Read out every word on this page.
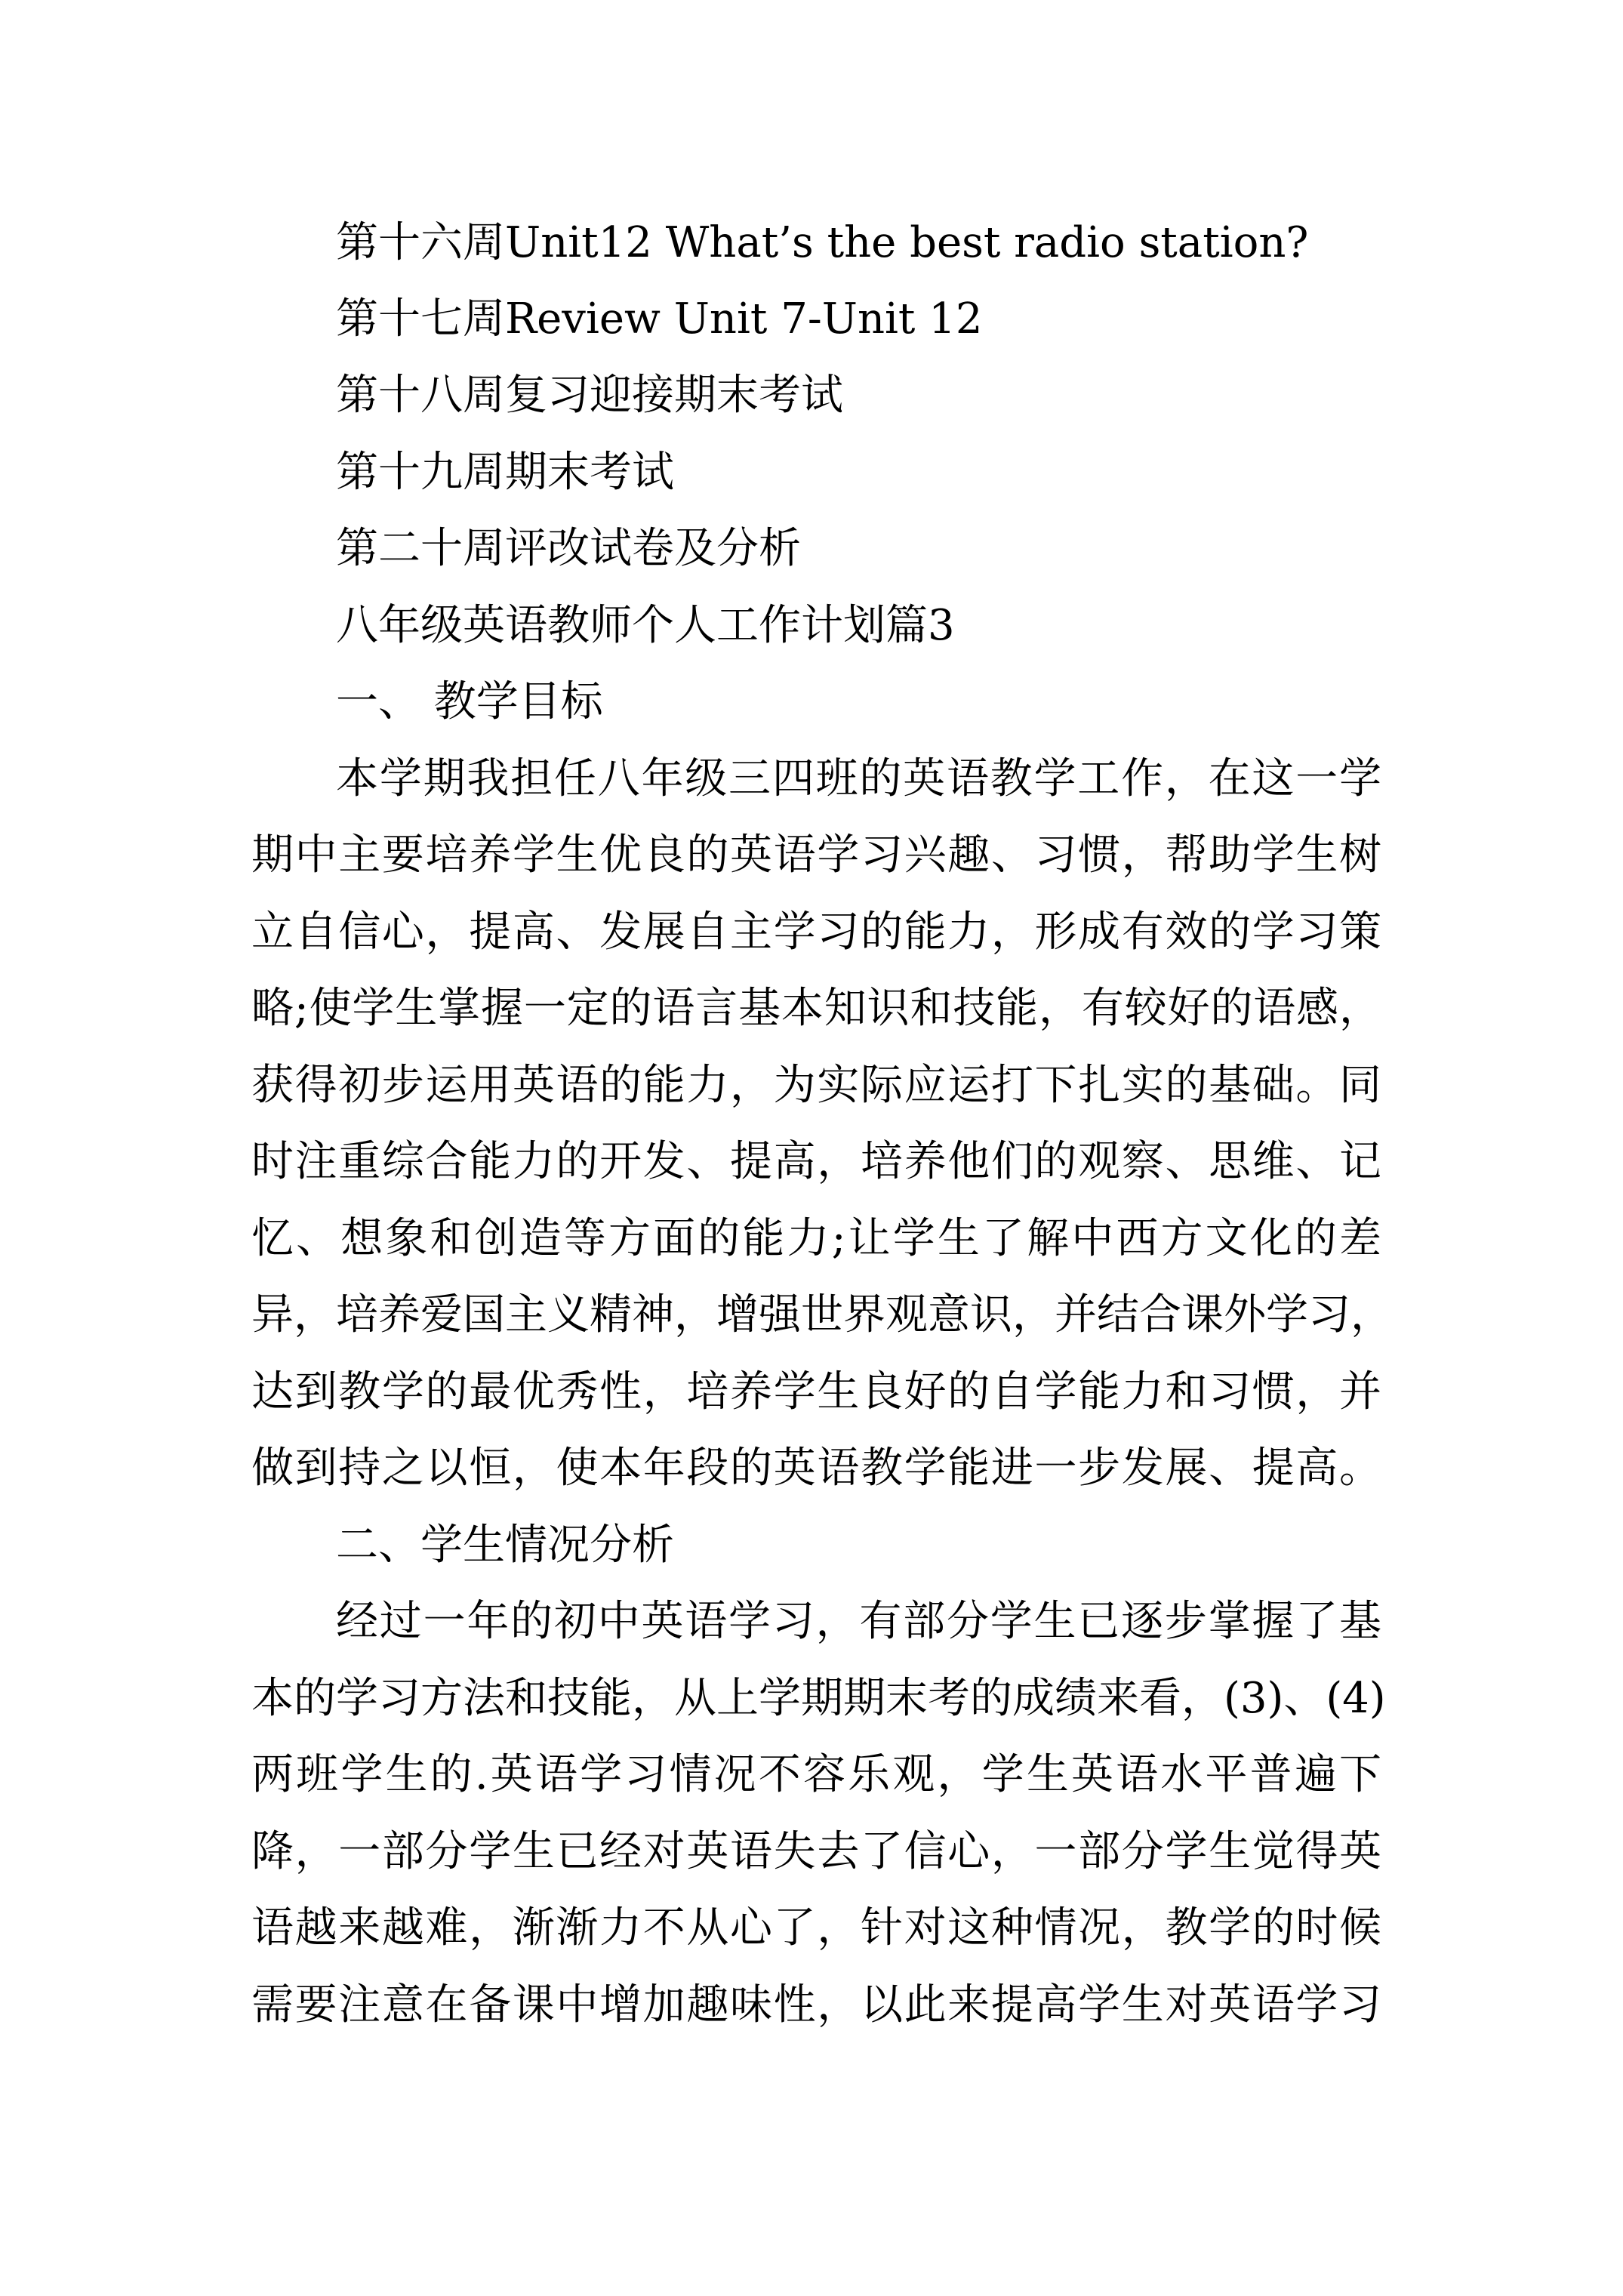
第十六周Unit12 What’s the best radio station?
第十七周Review Unit 7-Unit 12
第十八周复习迎接期末考试
第十九周期末考试
第二十周评改试卷及分析
八年级英语教师个人工作计划篇3
一、 教学目标
本学期我担任八年级三四班的英语教学工作，在这一学
期中主要培养学生优良的英语学习兴趣、习惯，帮助学生树
立自信心，提高、发展自主学习的能力，形成有效的学习策
略;使学生掌握一定的语言基本知识和技能，有较好的语感，
获得初步运用英语的能力，为实际应运打下扎实的基础。同
时注重综合能力的开发、提高，培养他们的观察、思维、记
忆、想象和创造等方面的能力;让学生了解中西方文化的差
异，培养爱国主义精神，增强世界观意识，并结合课外学习，
达到教学的最优秀性，培养学生良好的自学能力和习惯，并
做到持之以恒，使本年段的英语教学能进一步发展、提高。
二、学生情况分析
经过一年的初中英语学习，有部分学生已逐步掌握了基
本的学习方法和技能，从上学期期末考的成绩来看，(3)、(4)
两班学生的.英语学习情况不容乐观，学生英语水平普遍下
降，一部分学生已经对英语失去了信心，一部分学生觉得英
语越来越难，渐渐力不从心了，针对这种情况，教学的时候
需要注意在备课中增加趣味性，以此来提高学生对英语学习
